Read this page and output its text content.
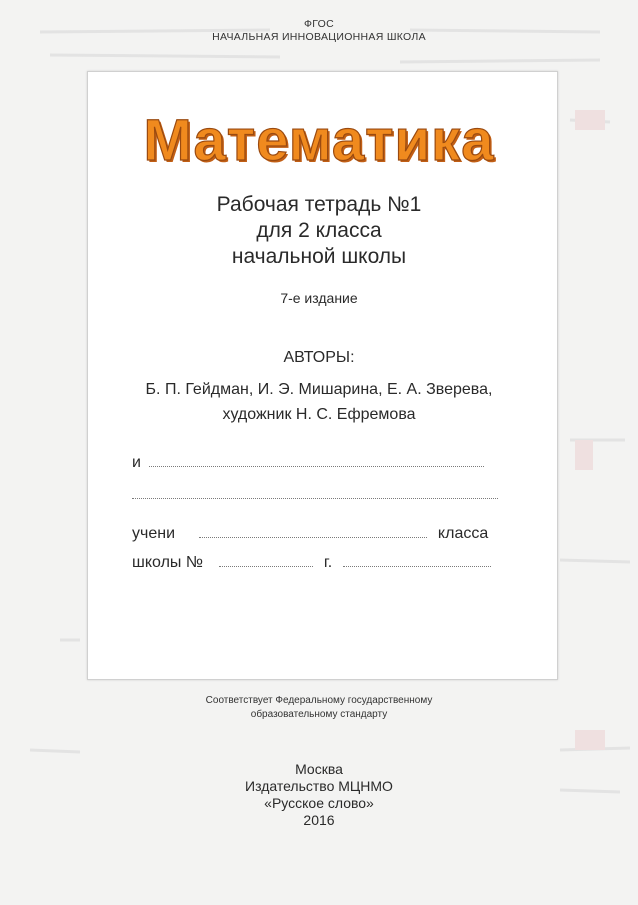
ФГОС
НАЧАЛЬНАЯ ИННОВАЦИОННАЯ ШКОЛА
Математика
Рабочая тетрадь №1
для 2 класса
начальной школы
7-е издание
АВТОРЫ:
Б. П. Гейдман, И. Э. Мишарина, Е. А. Зверева,
художник Н. С. Ефремова
и
учени	класса
школы №	г.
Соответствует Федеральному государственному
образовательному стандарту
Москва
Издательство МЦНМО
«Русское слово»
2016
